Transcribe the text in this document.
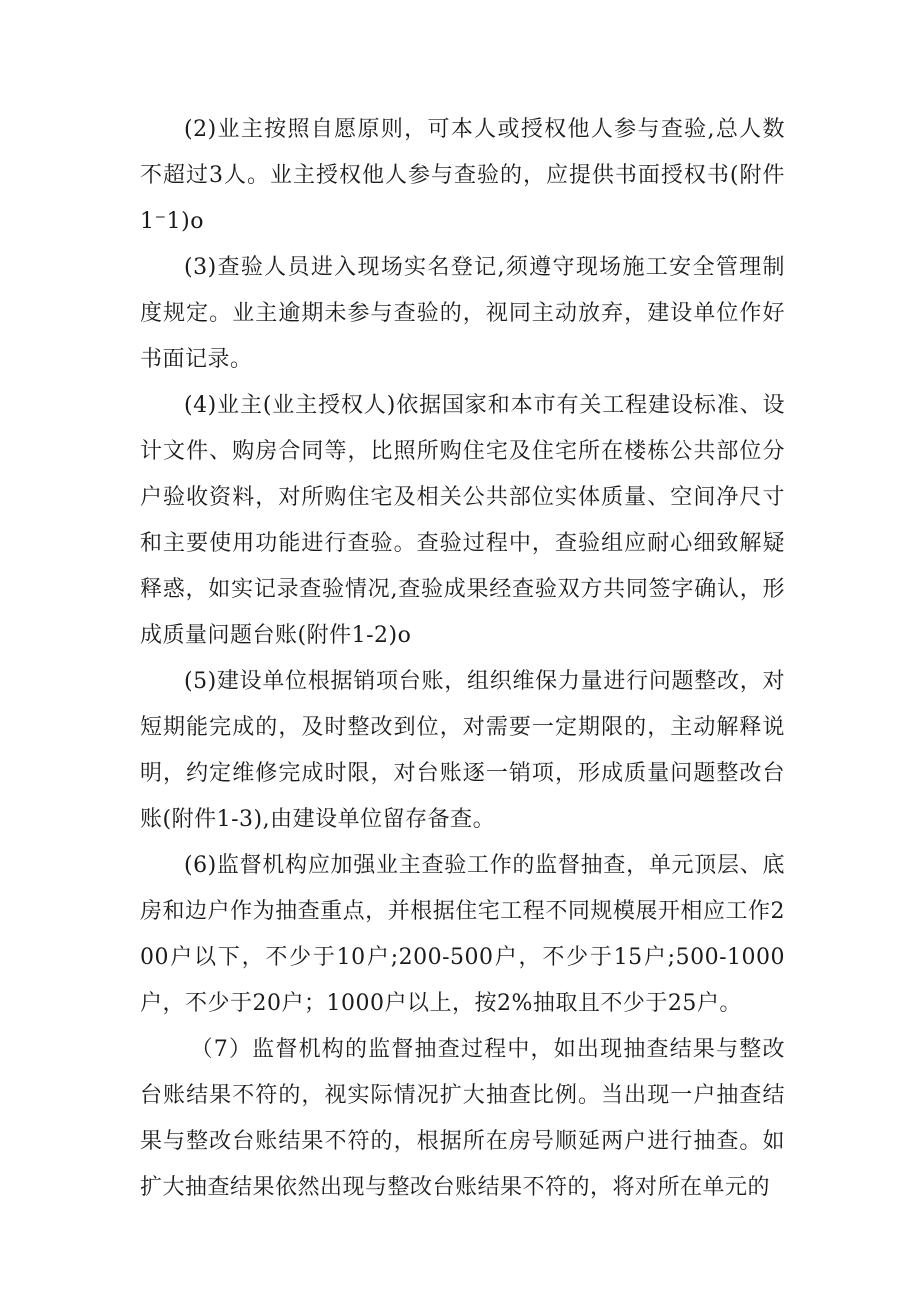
(2)业主按照自愿原则，可本人或授权他人参与查验,总人数不超过3人。业主授权他人参与查验的，应提供书面授权书(附件1⁻1)o

(3)查验人员进入现场实名登记,须遵守现场施工安全管理制度规定。业主逾期未参与查验的，视同主动放弃，建设单位作好书面记录。

(4)业主(业主授权人)依据国家和本市有关工程建设标准、设计文件、购房合同等，比照所购住宅及住宅所在楼栋公共部位分户验收资料，对所购住宅及相关公共部位实体质量、空间净尺寸和主要使用功能进行查验。查验过程中，查验组应耐心细致解疑释惑，如实记录查验情况,查验成果经查验双方共同签字确认，形成质量问题台账(附件1-2)o

(5)建设单位根据销项台账，组织维保力量进行问题整改，对短期能完成的，及时整改到位，对需要一定期限的，主动解释说明，约定维修完成时限，对台账逐一销项，形成质量问题整改台账(附件1-3),由建设单位留存备查。

(6)监督机构应加强业主查验工作的监督抽查，单元顶层、底房和边户作为抽查重点，并根据住宅工程不同规模展开相应工作200户以下，不少于10户;200-500户，不少于15户;500-1000户，不少于20户；1000户以上，按2%抽取且不少于25户。

（7）监督机构的监督抽查过程中，如出现抽查结果与整改台账结果不符的，视实际情况扩大抽查比例。当出现一户抽查结果与整改台账结果不符的，根据所在房号顺延两户进行抽查。如扩大抽查结果依然出现与整改台账结果不符的，将对所在单元的
